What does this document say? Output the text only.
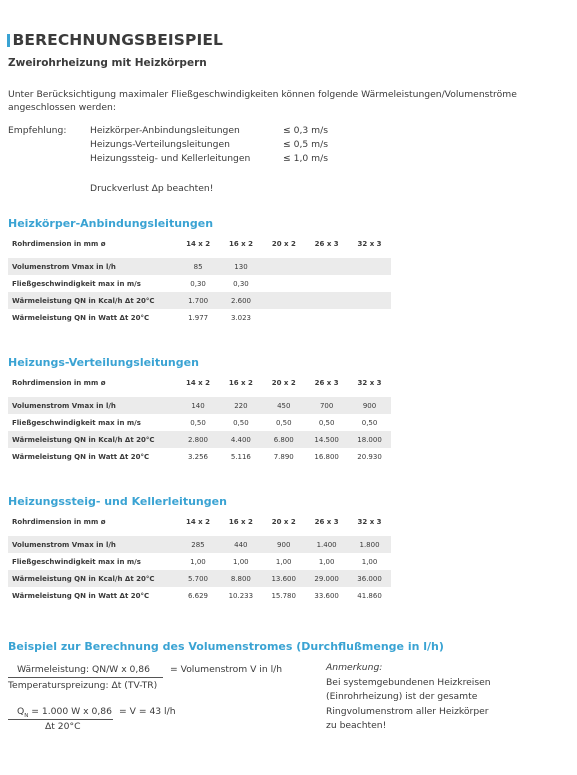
BERECHNUNGSBEISPIEL
Zweirohrheizung mit Heizkörpern
Unter Berücksichtigung maximaler Fließgeschwindigkeiten können folgende Wärmeleistungen/Volumenströme angeschlossen werden:
Empfehlung:	Heizkörper-Anbindungsleitungen	≤ 0,3 m/s
Heizungs-Verteilungsleitungen	≤ 0,5 m/s
Heizungssteig- und Kellerleitungen	≤ 1,0 m/s
Druckverlust Δp beachten!
Heizkörper-Anbindungsleitungen
Rohrdimension in mm ø	14 x 2	16 x 2	20 x 2	26 x 3	32 x 3

Volumenstrom Vmax in l/h	85	130			
Fließgeschwindigkeit max in m/s	0,30	0,30			
Wärmeleistung QN in Kcal/h Δt 20°C	1.700	2.600			
Wärmeleistung QN in Watt Δt 20°C	1.977	3.023			
Heizungs-Verteilungsleitungen
Rohrdimension in mm ø	14 x 2	16 x 2	20 x 2	26 x 3	32 x 3

Volumenstrom Vmax in l/h	140	220	450	700	900
Fließgeschwindigkeit max in m/s	0,50	0,50	0,50	0,50	0,50
Wärmeleistung QN in Kcal/h Δt 20°C	2.800	4.400	6.800	14.500	18.000
Wärmeleistung QN in Watt Δt 20°C	3.256	5.116	7.890	16.800	20.930
Heizungssteig- und Kellerleitungen
Rohrdimension in mm ø	14 x 2	16 x 2	20 x 2	26 x 3	32 x 3

Volumenstrom Vmax in l/h	285	440	900	1.400	1.800
Fließgeschwindigkeit max in m/s	1,00	1,00	1,00	1,00	1,00
Wärmeleistung QN in Kcal/h Δt 20°C	5.700	8.800	13.600	29.000	36.000
Wärmeleistung QN in Watt Δt 20°C	6.629	10.233	15.780	33.600	41.860
Beispiel zur Berechnung des Volumenstromes (Durchflußmenge in l/h)
Wärmeleistung: QN/W x 0,86 = Volumenstrom V in l/h
Temperaturspreizung: Δt (TV-TR)
$Q_N = 1.000$ W x 0,86 = V = 43 l/h
Δt 20°C
Anmerkung:
Bei systemgebundenen Heizkreisen
(Einrohrheizung) ist der gesamte
Ringvolumenstrom aller Heizkörper
zu beachten!
